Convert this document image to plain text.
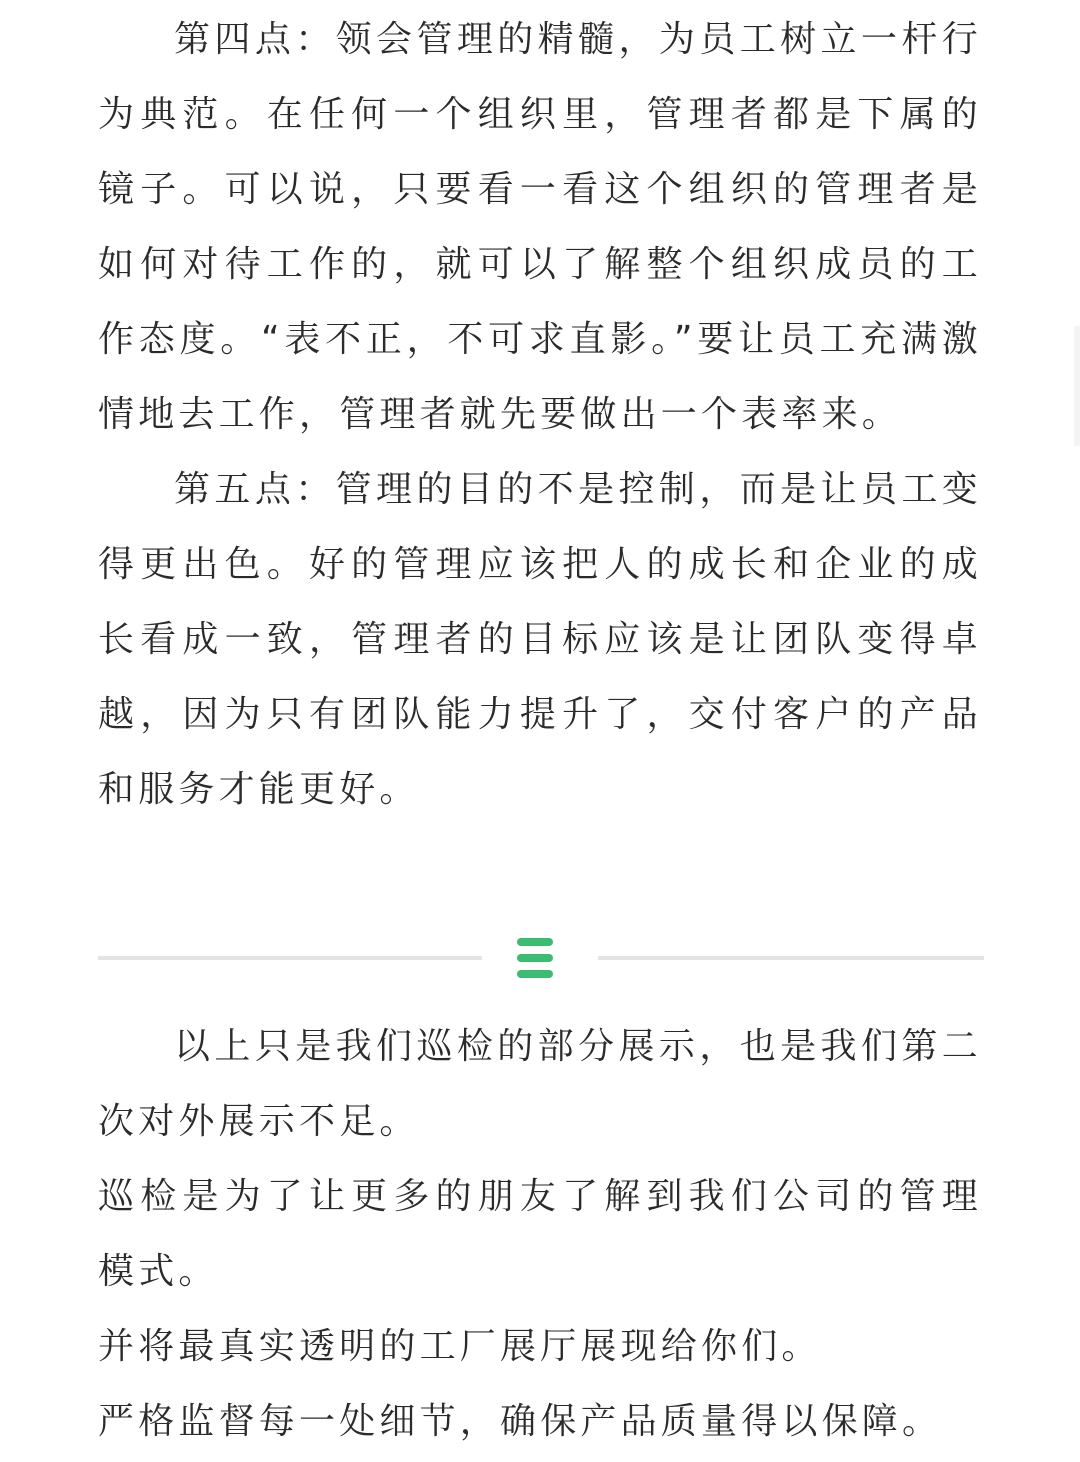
第四点：领会管理的精髓，为员工树立一杆行为典范。在任何一个组织里，管理者都是下属的镜子。可以说，只要看一看这个组织的管理者是如何对待工作的，就可以了解整个组织成员的工作态度。“表不正，不可求直影。”要让员工充满激情地去工作，管理者就先要做出一个表率来。

第五点：管理的目的不是控制，而是让员工变得更出色。好的管理应该把人的成长和企业的成长看成一致，管理者的目标应该是让团队变得卓越，因为只有团队能力提升了，交付客户的产品和服务才能更好。

以上只是我们巡检的部分展示，也是我们第二次对外展示不足。

巡检是为了让更多的朋友了解到我们公司的管理模式。

并将最真实透明的工厂展厅展现给你们。

严格监督每一处细节，确保产品质量得以保障。
